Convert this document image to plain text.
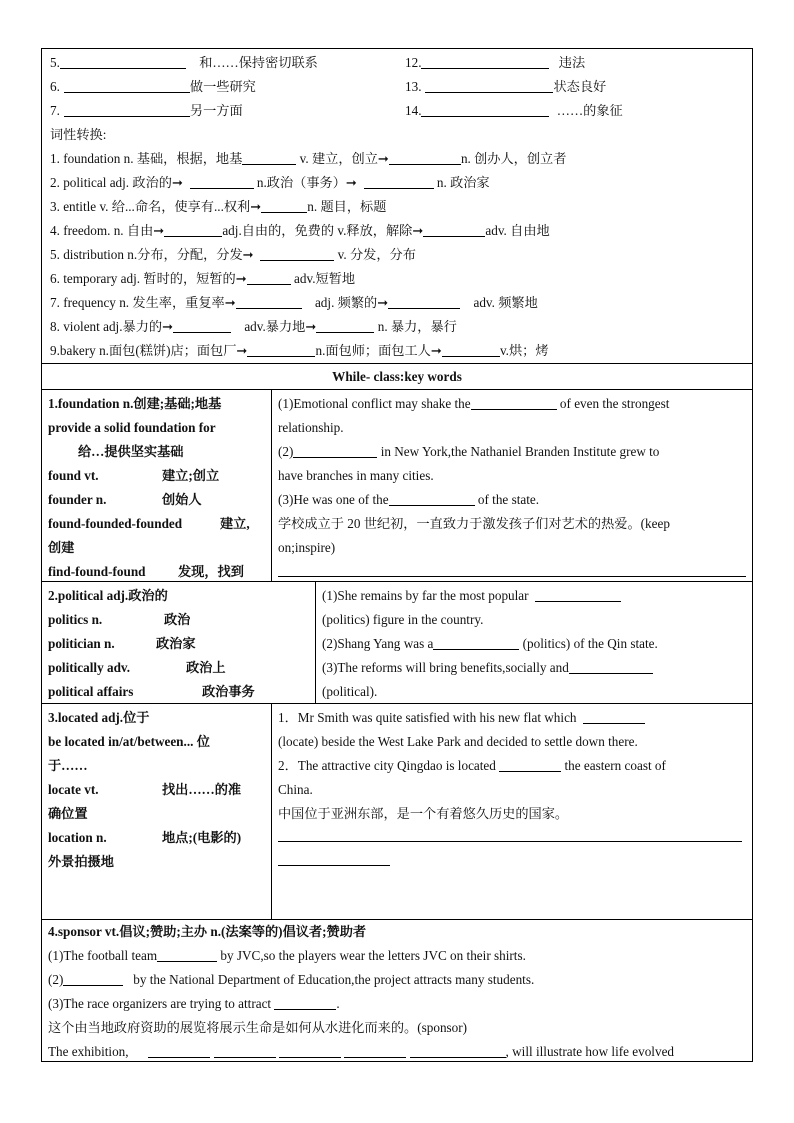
5.	和……保持密切联系
6.	做一些研究
7.	另一方面
12.	违法
13.	状态良好
14.	……的象征
词性转换:
1. foundation n. 基础，根据，地基	v. 建立，创立➞	n. 创办人，创立者
2. political adj. 政治的➞	n.政治（事务）➞	n. 政治家
3. entitle v. 给...命名，使享有...权利➞	n. 题目，标题
4. freedom. n. 自由➞	adj.自由的，免费的 v.释放，解除➞	adv. 自由地
5. distribution n.分布，分配，分发➞	v. 分发，分布
6. temporary adj. 暂时的，短暂的➞	adv.短暂地
7. frequency n. 发生率，重复率➞	adj. 频繁的➞	adv. 频繁地
8. violent adj.暴力的➞	adv.暴力地➞	n. 暴力，暴行
9.bakery n.面包(糕饼)店；面包厂➞	n.面包师；面包工人➞	v.烘；烤
While- class:key words
1.foundation n.创建;基础;地基
provide a solid foundation for
给…提供坚实基础
found vt.	建立;创立
founder n.	创始人
found-founded-founded	建立,
创建
find-found-found 发现，找到
(1)Emotional conflict may shake the	of even the strongest
relationship.
(2)	in New York,the Nathaniel Branden Institute grew to
have branches in many cities.
(3)He was one of the	of the state.
学校成立于 20 世纪初，一直致力于激发孩子们对艺术的热爱。(keep
on;inspire)
2.political adj.政治的
politics n.	政治
politician n.	政治家
politically adv.	政治上
political affairs	政治事务
(1)She remains by far the most popular
(politics) figure in the country.
(2)Shang Yang was a	(politics) of the Qin state.
(3)The reforms will bring benefits,socially and
(political).
3.located adj.位于
be located in/at/between... 位
于……
locate vt.	找出……的准
确位置
location n.	地点;(电影的)
外景拍摄地
1．Mr Smith was quite satisfied with his new flat which
(locate) beside the West Lake Park and decided to settle down there.
2．The attractive city Qingdao is located	the eastern coast of
China.
中国位于亚洲东部，是一个有着悠久历史的国家。
4.sponsor vt.倡议;赞助;主办 n.(法案等的)倡议者;赞助者
(1)The football team	by JVC,so the players wear the letters JVC on their shirts.
(2)	by the National Department of Education,the project attracts many students.
(3)The race organizers are trying to attract	.
这个由当地政府资助的展览将展示生命是如何从水进化而来的。(sponsor)
The exhibition,	, will illustrate how life evolved
